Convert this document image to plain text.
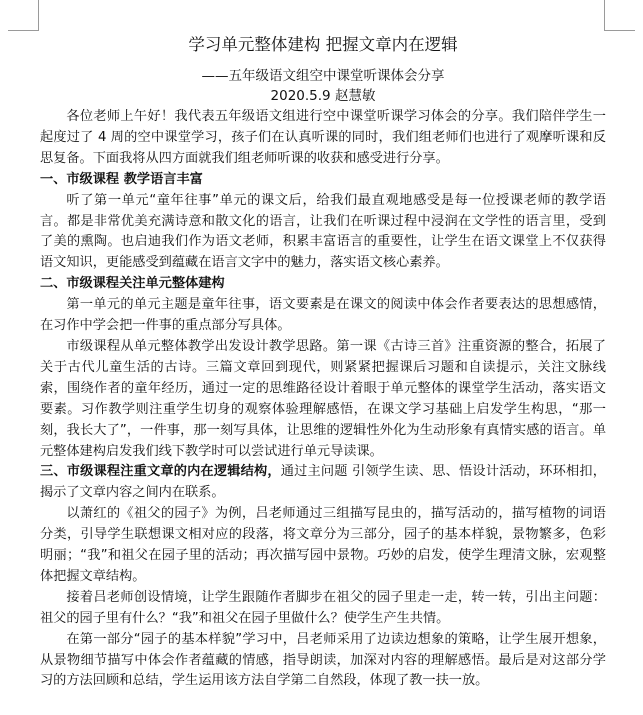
学习单元整体建构 把握文章内在逻辑
——五年级语文组空中课堂听课体会分享
2020.5.9 赵慧敏

各位老师上午好！我代表五年级语文组进行空中课堂听课学习体会的分享。我们陪伴学生一起度过了 4 周的空中课堂学习，孩子们在认真听课的同时，我们组老师们也进行了观摩听课和反思复备。下面我将从四方面就我们组老师听课的收获和感受进行分享。

一、市级课程 教学语言丰富

听了第一单元“童年往事”单元的课文后，给我们最直观地感受是每一位授课老师的教学语言。都是非常优美充满诗意和散文化的语言，让我们在听课过程中浸润在文学性的语言里，受到了美的熏陶。也启迪我们作为语文老师，积累丰富语言的重要性，让学生在语文课堂上不仅获得语文知识，更能感受到蕴藏在语言文字中的魅力，落实语文核心素养。

二、市级课程关注单元整体建构

第一单元的单元主题是童年往事，语文要素是在课文的阅读中体会作者要表达的思想感情，在习作中学会把一件事的重点部分写具体。

市级课程从单元整体教学出发设计教学思路。第一课《古诗三首》注重资源的整合，拓展了关于古代儿童生活的古诗。三篇文章回到现代，则紧紧把握课后习题和自读提示，关注文脉线索，围绕作者的童年经历，通过一定的思维路径设计着眼于单元整体的课堂学生活动，落实语文要素。习作教学则注重学生切身的观察体验理解感悟，在课文学习基础上启发学生构思，“那一刻，我长大了”，一件事，那一刻写具体，让思维的逻辑性外化为生动形象有真情实感的语言。单元整体建构启发我们线下教学时可以尝试进行单元导读课。

三、市级课程注重文章的内在逻辑结构，通过主问题 引领学生读、思、悟设计活动，环环相扣，揭示了文章内容之间内在联系。

以萧红的《祖父的园子》为例，吕老师通过三组描写昆虫的，描写活动的，描写植物的词语分类，引导学生联想课文相对应的段落，将文章分为三部分，园子的基本样貌，景物繁多，色彩明丽；“我”和祖父在园子里的活动；再次描写园中景物。巧妙的启发，使学生理清文脉，宏观整体把握文章结构。

接着吕老师创设情境，让学生跟随作者脚步在祖父的园子里走一走，转一转，引出主问题：祖父的园子里有什么？“我”和祖父在园子里做什么？使学生产生共情。

在第一部分“园子的基本样貌”学习中，吕老师采用了边读边想象的策略，让学生展开想象，从景物细节描写中体会作者蕴藏的情感，指导朗读，加深对内容的理解感悟。最后是对这部分学习的方法回顾和总结，学生运用该方法自学第二自然段，体现了教一扶一放。
